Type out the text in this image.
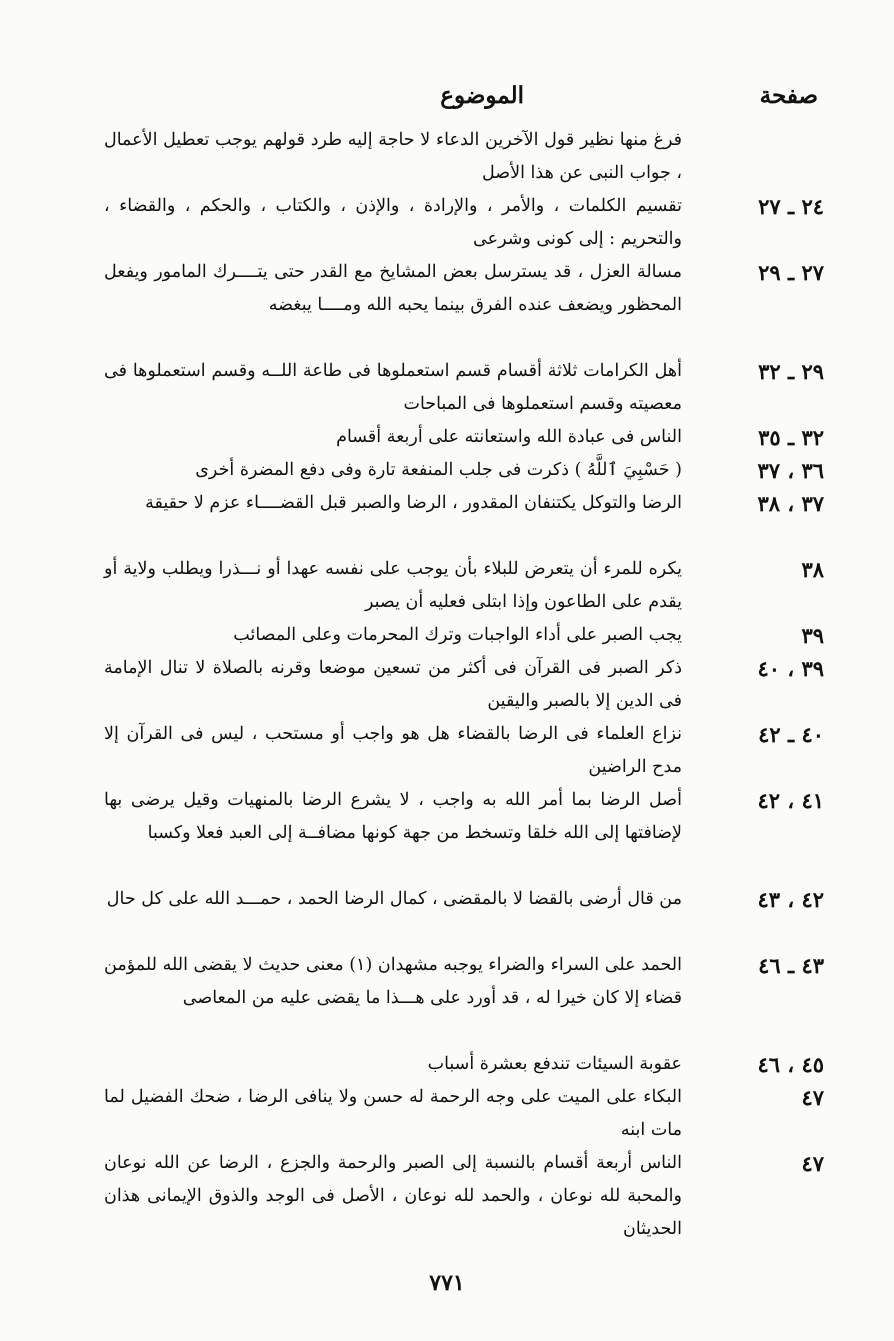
صفحة
الموضوع
فرغ منها نظير قول الآخرين الدعاء لا حاجة إليه طرد قولهم يوجب تعطيل الأعمال ، جواب النبى عن هذا الأصل
٢٤ ـ ٢٧
تقسيم الكلمات ، والأمر ، والإرادة ، والإذن ، والكتاب ، والحكم ، والقضاء ، والتحريم : إلى كونى وشرعى
٢٧ ـ ٢٩
مسالة العزل ، قد يسترسل بعض المشايخ مع القدر حتى يتــــرك المامور ويفعل المحظور ويضعف عنده الفرق بينما يحبه الله ومــــا يبغضه
٢٩ ـ ٣٢
أهل الكرامات ثلاثة أقسام قسم استعملوها فى طاعة اللــه وقسم استعملوها فى معصيته وقسم استعملوها فى المباحات
٣٢ ـ ٣٥
الناس فى عبادة الله واستعانته على أربعة أقسام
٣٦ ، ٣٧
( حَسْبِيَ ٱللَّهُ ) ذكرت فى جلب المنفعة تارة وفى دفع المضرة أخرى
٣٧ ، ٣٨
الرضا والتوكل يكتنفان المقدور ، الرضا والصبر قبل القضــــاء عزم لا حقيقة
٣٨
يكره للمرء أن يتعرض للبلاء بأن يوجب على نفسه عهدا أو نـــذرا ويطلب ولاية أو يقدم على الطاعون وإذا ابتلى فعليه أن يصبر
٣٩
يجب الصبر على أداء الواجبات وترك المحرمات وعلى المصائب
٣٩ ، ٤٠
ذكر الصبر فى القرآن فى أكثر من تسعين موضعا وقرنه بالصلاة لا تنال الإمامة فى الدين إلا بالصبر واليقين
٤٠ ـ ٤٢
نزاع العلماء فى الرضا بالقضاء هل هو واجب أو مستحب ، ليس فى القرآن إلا مدح الراضين
٤١ ، ٤٢
أصل الرضا بما أمر الله به واجب ، لا يشرع الرضا بالمنهيات وقيل يرضى بها لإضافتها إلى الله خلقا وتسخط من جهة كونها مضافــة إلى العبد فعلا وكسبا
٤٢ ، ٤٣
من قال أرضى بالقضا لا بالمقضى ، كمال الرضا الحمد ، حمـــد الله على كل حال
٤٣ ـ ٤٦
الحمد على السراء والضراء يوجبه مشهدان (١) معنى حديث لا يقضى الله للمؤمن قضاء إلا كان خيرا له ، قد أورد على هـــذا ما يقضى عليه من المعاصى
٤٥ ، ٤٦
عقوبة السيئات تندفع بعشرة أسباب
٤٧
البكاء على الميت على وجه الرحمة له حسن ولا ينافى الرضا ، ضحك الفضيل لما مات ابنه
٤٧
الناس أربعة أقسام بالنسبة إلى الصبر والرحمة والجزع ، الرضا عن الله نوعان والمحبة لله نوعان ، والحمد لله نوعان ، الأصل فى الوجد والذوق الإيمانى هذان الحديثان
٧٧١
